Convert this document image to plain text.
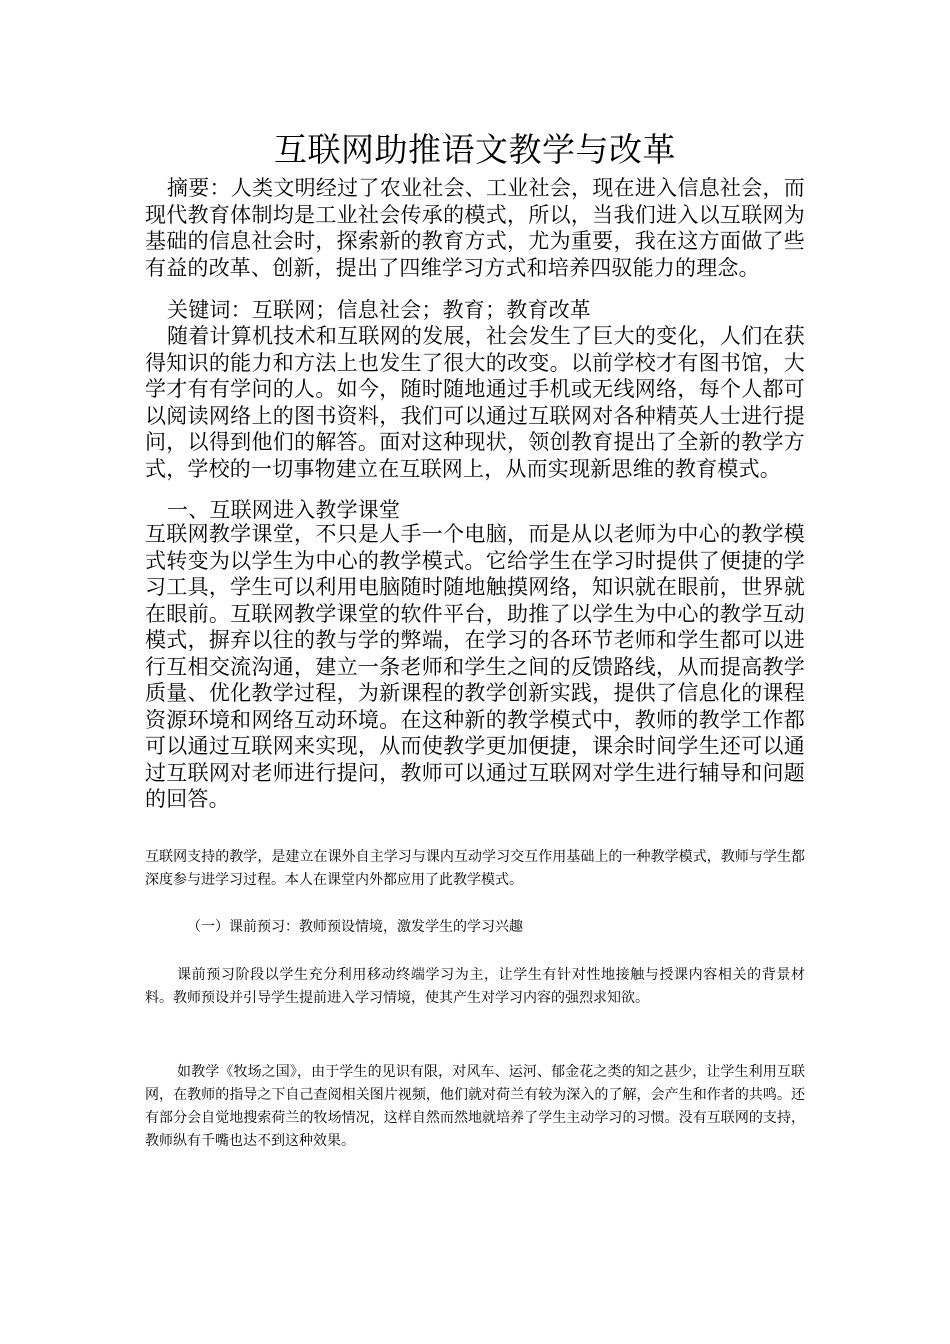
互联网助推语文教学与改革

摘要：人类文明经过了农业社会、工业社会，现在进入信息社会，而现代教育体制均是工业社会传承的模式，所以，当我们进入以互联网为基础的信息社会时，探索新的教育方式，尤为重要，我在这方面做了些有益的改革、创新，提出了四维学习方式和培养四驭能力的理念。

关键词：互联网；信息社会；教育；教育改革

随着计算机技术和互联网的发展，社会发生了巨大的变化，人们在获得知识的能力和方法上也发生了很大的改变。以前学校才有图书馆，大学才有有学问的人。如今，随时随地通过手机或无线网络，每个人都可以阅读网络上的图书资料，我们可以通过互联网对各种精英人士进行提问，以得到他们的解答。面对这种现状，领创教育提出了全新的教学方式，学校的一切事物建立在互联网上，从而实现新思维的教育模式。

一、互联网进入教学课堂

互联网教学课堂，不只是人手一个电脑，而是从以老师为中心的教学模式转变为以学生为中心的教学模式。它给学生在学习时提供了便捷的学习工具，学生可以利用电脑随时随地触摸网络，知识就在眼前，世界就在眼前。互联网教学课堂的软件平台，助推了以学生为中心的教学互动模式，摒弃以往的教与学的弊端，在学习的各环节老师和学生都可以进行互相交流沟通，建立一条老师和学生之间的反馈路线，从而提高教学质量、优化教学过程，为新课程的教学创新实践，提供了信息化的课程资源环境和网络互动环境。在这种新的教学模式中，教师的教学工作都可以通过互联网来实现，从而使教学更加便捷，课余时间学生还可以通过互联网对老师进行提问，教师可以通过互联网对学生进行辅导和问题的回答。

互联网支持的教学，是建立在课外自主学习与课内互动学习交互作用基础上的一种教学模式，教师与学生都深度参与进学习过程。本人在课堂内外都应用了此教学模式。

（一）课前预习：教师预设情境，激发学生的学习兴趣

课前预习阶段以学生充分利用移动终端学习为主，让学生有针对性地接触与授课内容相关的背景材料。教师预设并引导学生提前进入学习情境，使其产生对学习内容的强烈求知欲。

如教学《牧场之国》，由于学生的见识有限，对风车、运河、郁金花之类的知之甚少，让学生利用互联网，在教师的指导之下自己查阅相关图片视频，他们就对荷兰有较为深入的了解，会产生和作者的共鸣。还有部分会自觉地搜索荷兰的牧场情况，这样自然而然地就培养了学生主动学习的习惯。没有互联网的支持，教师纵有千嘴也达不到这种效果。
